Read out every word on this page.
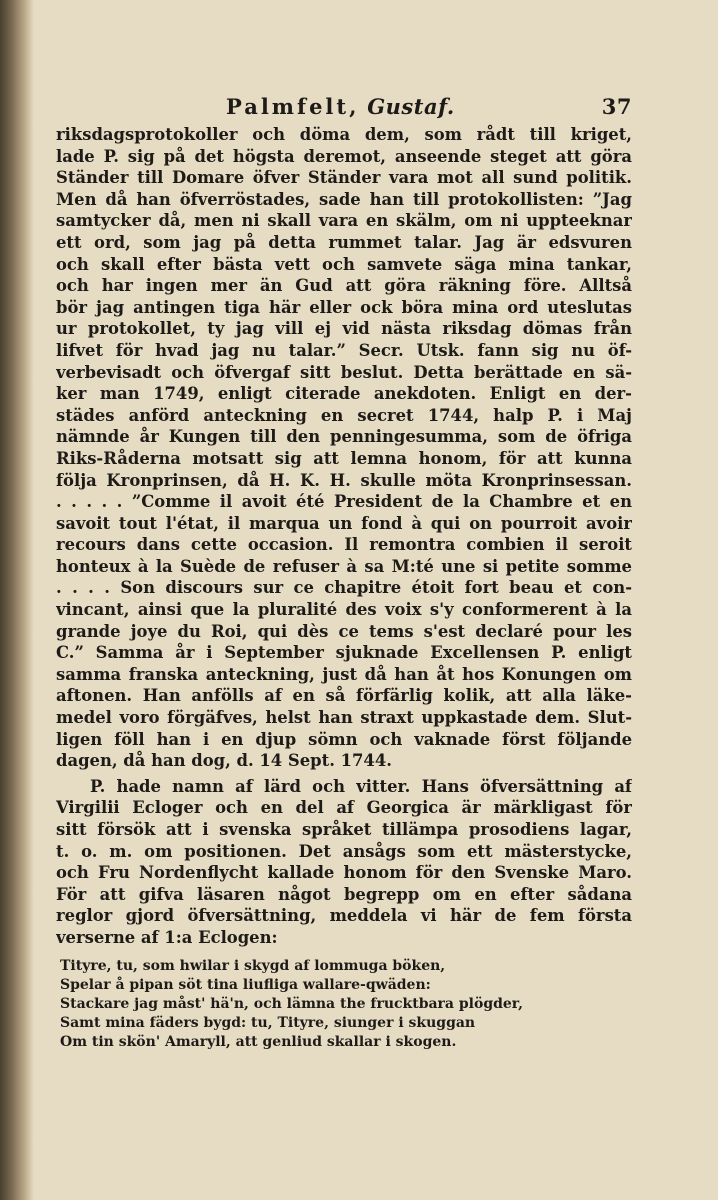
Palmfelt, Gustaf.	37
riksdagsprotokoller och döma dem, som rådt till kriget,
lade P. sig på det högsta deremot, anseende steget att göra
Ständer till Domare öfver Ständer vara mot all sund politik.
Men då han öfverröstades, sade han till protokollisten: ”Jag
samtycker då, men ni skall vara en skälm, om ni uppteeknar
ett ord, som jag på detta rummet talar. Jag är edsvuren
och skall efter bästa vett och samvete säga mina tankar,
och har ingen mer än Gud att göra räkning före. Alltså
bör jag antingen tiga här eller ock böra mina ord uteslutas
ur protokollet, ty jag vill ej vid nästa riksdag dömas från
lifvet för hvad jag nu talar.” Secr. Utsk. fann sig nu öf-
verbevisadt och öfvergaf sitt beslut. Detta berättade en sä-
ker man 1749, enligt citerade anekdoten. Enligt en der-
städes anförd anteckning en secret 1744, halp P. i Maj
nämnde år Kungen till den penningesumma, som de öfriga
Riks-Råderna motsatt sig att lemna honom, för att kunna
följa Kronprinsen, då H. K. H. skulle möta Kronprinsessan.
. . . . . ”Comme il avoit été President de la Chambre et en
savoit tout l'état, il marqua un fond à qui on pourroit avoir
recours dans cette occasion. Il remontra combien il seroit
honteux à la Suède de refuser à sa M:té une si petite somme
. . . . Son discours sur ce chapitre étoit fort beau et con-
vincant, ainsi que la pluralité des voix s'y conformerent à la
grande joye du Roi, qui dès ce tems s'est declaré pour les
C.” Samma år i September sjuknade Excellensen P. enligt
samma franska anteckning, just då han åt hos Konungen om
aftonen. Han anfölls af en så förfärlig kolik, att alla läke-
medel voro förgäfves, helst han straxt uppkastade dem. Slut-
ligen föll han i en djup sömn och vaknade först följande
dagen, då han dog, d. 14 Sept. 1744.
P. hade namn af lärd och vitter. Hans öfversättning af
Virgilii Ecloger och en del af Georgica är märkligast för
sitt försök att i svenska språket tillämpa prosodiens lagar,
t. o. m. om positionen. Det ansågs som ett mästerstycke,
och Fru Nordenflycht kallade honom för den Svenske Maro.
För att gifva läsaren något begrepp om en efter sådana
reglor gjord öfversättning, meddela vi här de fem första
verserne af 1:a Eclogen:
Tityre, tu, som hwilar i skygd af lommuga böken,
Spelar å pipan söt tina liufliga wallare-qwäden:
Stackare jag måst' hä'n, och lämna the frucktbara plögder,
Samt mina fäders bygd: tu, Tityre, siunger i skuggan
Om tin skön' Amaryll, att genliud skallar i skogen.
